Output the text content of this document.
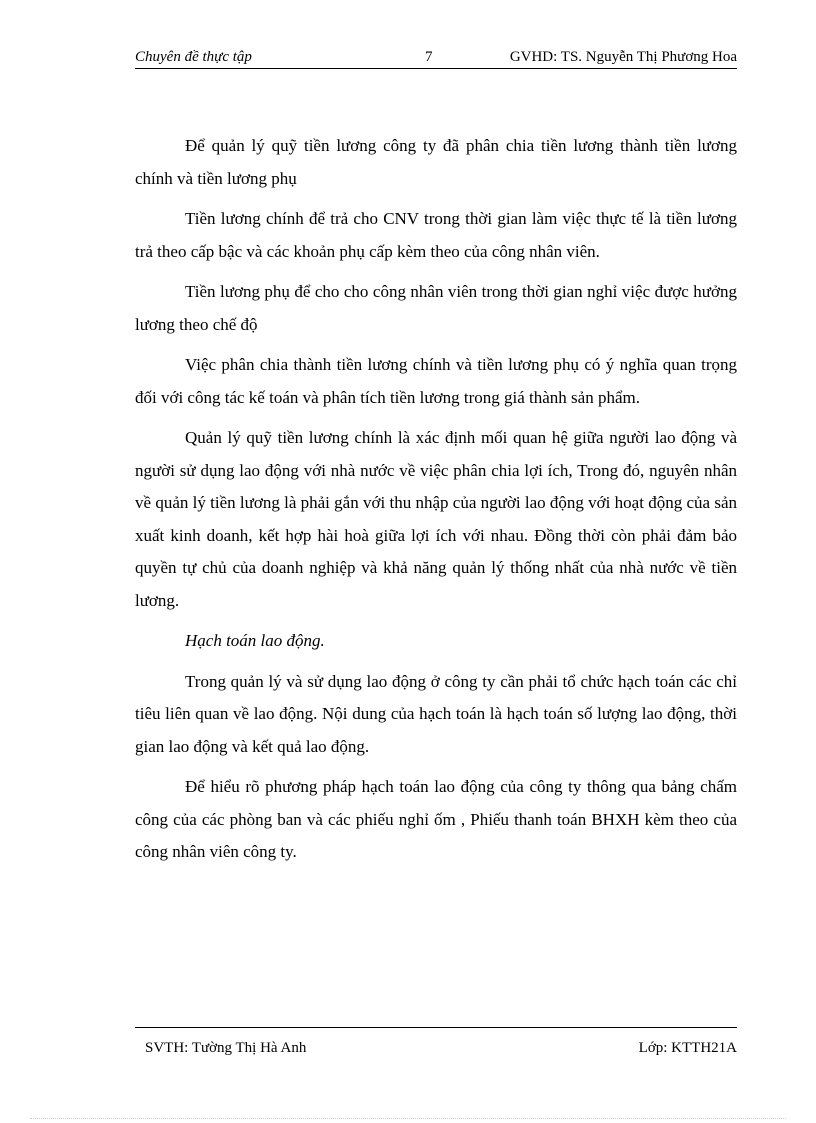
Chuyên đề thực tập	7	GVHD: TS. Nguyễn Thị Phương Hoa

Để quản lý quỹ tiền lương công ty đã phân chia tiền lương thành tiền lương chính và tiền lương phụ

Tiền lương chính để trả cho CNV trong thời gian làm việc thực tế là tiền lương trả theo cấp bậc và các khoản phụ cấp kèm theo của công nhân viên.

Tiền lương phụ để cho cho công nhân viên trong thời gian nghỉ việc được hưởng lương theo chế độ

Việc phân chia thành tiền lương chính và tiền lương phụ có ý nghĩa quan trọng đối với công tác kế toán và phân tích tiền lương trong giá thành sản phẩm.

Quản lý quỹ tiền lương chính là xác định mối quan hệ giữa người lao động và người sử dụng lao động với nhà nước về việc phân chia lợi ích, Trong đó, nguyên nhân về quản lý tiền lương là phải gắn với thu nhập của người lao động với hoạt động của sản xuất kinh doanh, kết hợp hài hoà giữa lợi ích với nhau. Đồng thời còn phải đảm bảo quyền tự chủ của doanh nghiệp và khả năng quản lý thống nhất của nhà nước về tiền lương.

Hạch toán lao động.

Trong quản lý và sử dụng lao động ở công ty cần phải tổ chức hạch toán các chỉ tiêu liên quan về lao động. Nội dung của hạch toán là hạch toán số lượng lao động, thời gian lao động và kết quả lao động.

Để hiểu rõ phương pháp hạch toán lao động của công ty thông qua bảng chấm công của các phòng ban và các phiếu nghỉ ốm , Phiếu thanh toán BHXH kèm theo của công nhân viên công ty.

SVTH: Tường Thị Hà Anh	Lớp: KTTH21A
